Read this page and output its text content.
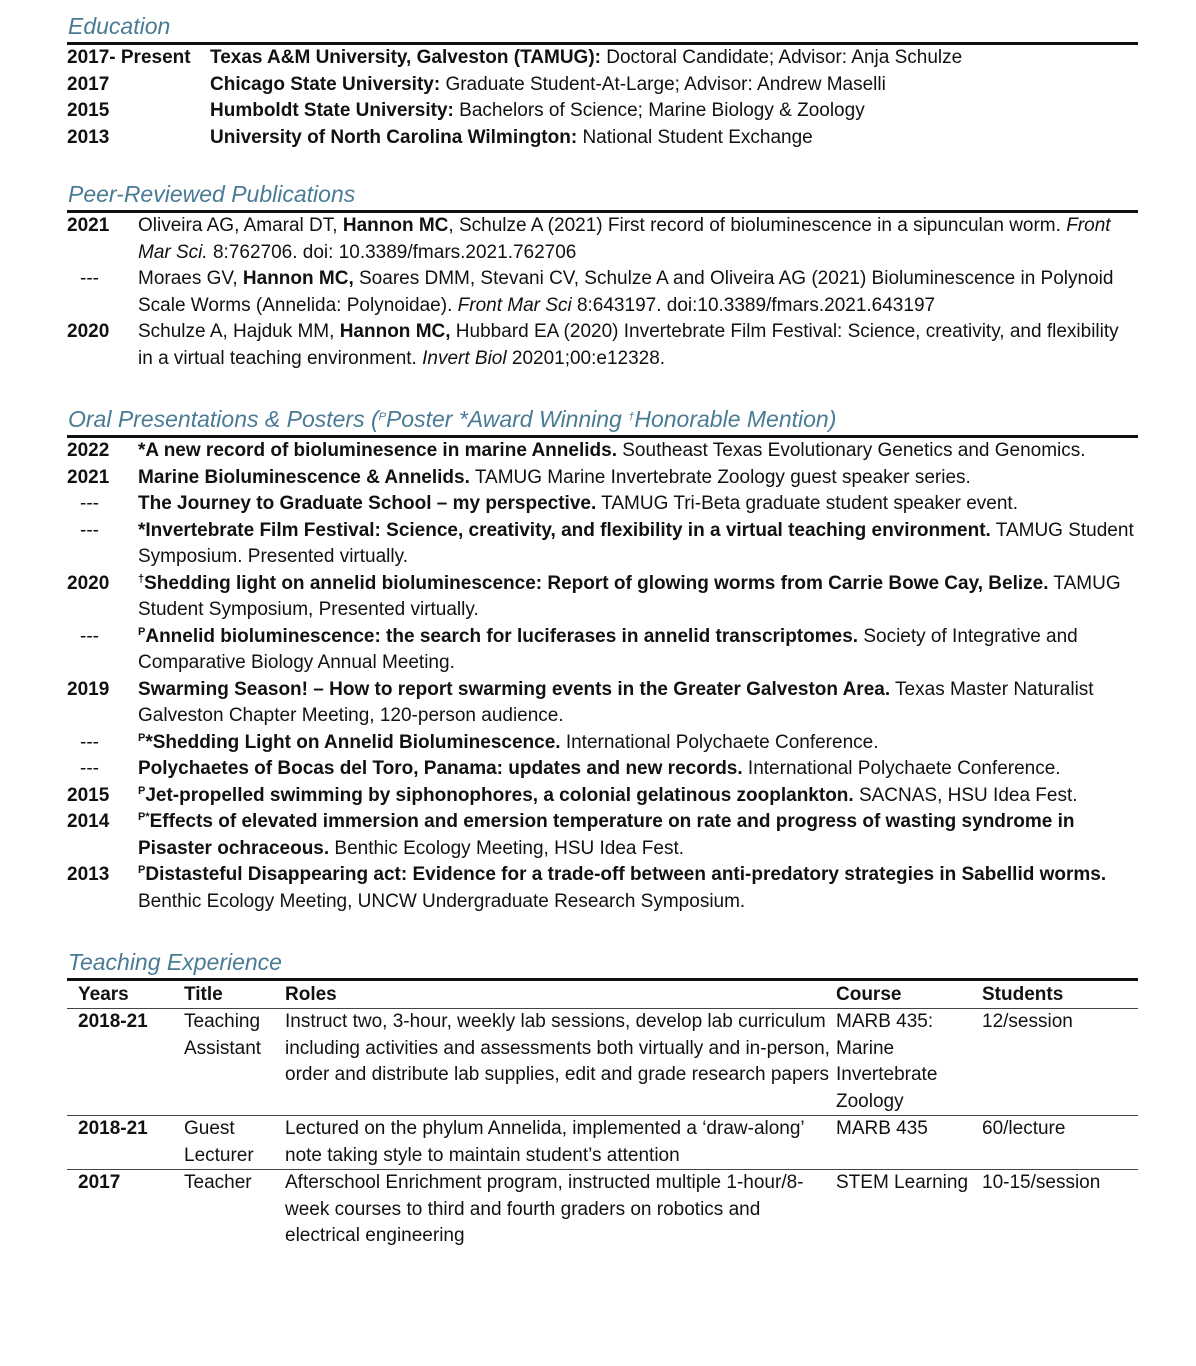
Education
2017- Present	Texas A&M University, Galveston (TAMUG): Doctoral Candidate; Advisor: Anja Schulze
2017	Chicago State University: Graduate Student-At-Large; Advisor: Andrew Maselli
2015	Humboldt State University: Bachelors of Science; Marine Biology & Zoology
2013	University of North Carolina Wilmington: National Student Exchange
Peer-Reviewed Publications
2021	Oliveira AG, Amaral DT, Hannon MC, Schulze A (2021) First record of bioluminescence in a sipunculan worm. Front Mar Sci. 8:762706. doi: 10.3389/fmars.2021.762706
---	Moraes GV, Hannon MC, Soares DMM, Stevani CV, Schulze A and Oliveira AG (2021) Bioluminescence in Polynoid Scale Worms (Annelida: Polynoidae). Front Mar Sci 8:643197. doi:10.3389/fmars.2021.643197
2020	Schulze A, Hajduk MM, Hannon MC, Hubbard EA (2020) Invertebrate Film Festival: Science, creativity, and flexibility in a virtual teaching environment. Invert Biol 20201;00:e12328.
Oral Presentations & Posters ($^P$Poster *Award Winning †Honorable Mention)
2022	*A new record of bioluminesence in marine Annelids. Southeast Texas Evolutionary Genetics and Genomics.
2021	Marine Bioluminescence & Annelids. TAMUG Marine Invertebrate Zoology guest speaker series.
---	The Journey to Graduate School – my perspective. TAMUG Tri-Beta graduate student speaker event.
---	*Invertebrate Film Festival: Science, creativity, and flexibility in a virtual teaching environment. TAMUG Student Symposium. Presented virtually.
2020	†Shedding light on annelid bioluminescence: Report of glowing worms from Carrie Bowe Cay, Belize. TAMUG Student Symposium, Presented virtually.
---	$^P$Annelid bioluminescence: the search for luciferases in annelid transcriptomes. Society of Integrative and Comparative Biology Annual Meeting.
2019	Swarming Season! – How to report swarming events in the Greater Galveston Area. Texas Master Naturalist Galveston Chapter Meeting, 120-person audience.
---	$^P$*Shedding Light on Annelid Bioluminescence. International Polychaete Conference.
---	Polychaetes of Bocas del Toro, Panama: updates and new records. International Polychaete Conference.
2015	$^P$Jet-propelled swimming by siphonophores, a colonial gelatinous zooplankton. SACNAS, HSU Idea Fest.
2014	$^{P*}$Effects of elevated immersion and emersion temperature on rate and progress of wasting syndrome in Pisaster ochraceous. Benthic Ecology Meeting, HSU Idea Fest.
2013	$^P$Distasteful Disappearing act: Evidence for a trade-off between anti-predatory strategies in Sabellid worms. Benthic Ecology Meeting, UNCW Undergraduate Research Symposium.
Teaching Experience
Years	Title	Roles	Course	Students
2018-21	Teaching Assistant	Instruct two, 3-hour, weekly lab sessions, develop lab curriculum including activities and assessments both virtually and in-person, order and distribute lab supplies, edit and grade research papers	MARB 435: Marine Invertebrate Zoology	12/session
2018-21	Guest Lecturer	Lectured on the phylum Annelida, implemented a ‘draw-along’ note taking style to maintain student’s attention	MARB 435	60/lecture
2017	Teacher	Afterschool Enrichment program, instructed multiple 1-hour/8-week courses to third and fourth graders on robotics and electrical engineering	STEM Learning	10-15/session
